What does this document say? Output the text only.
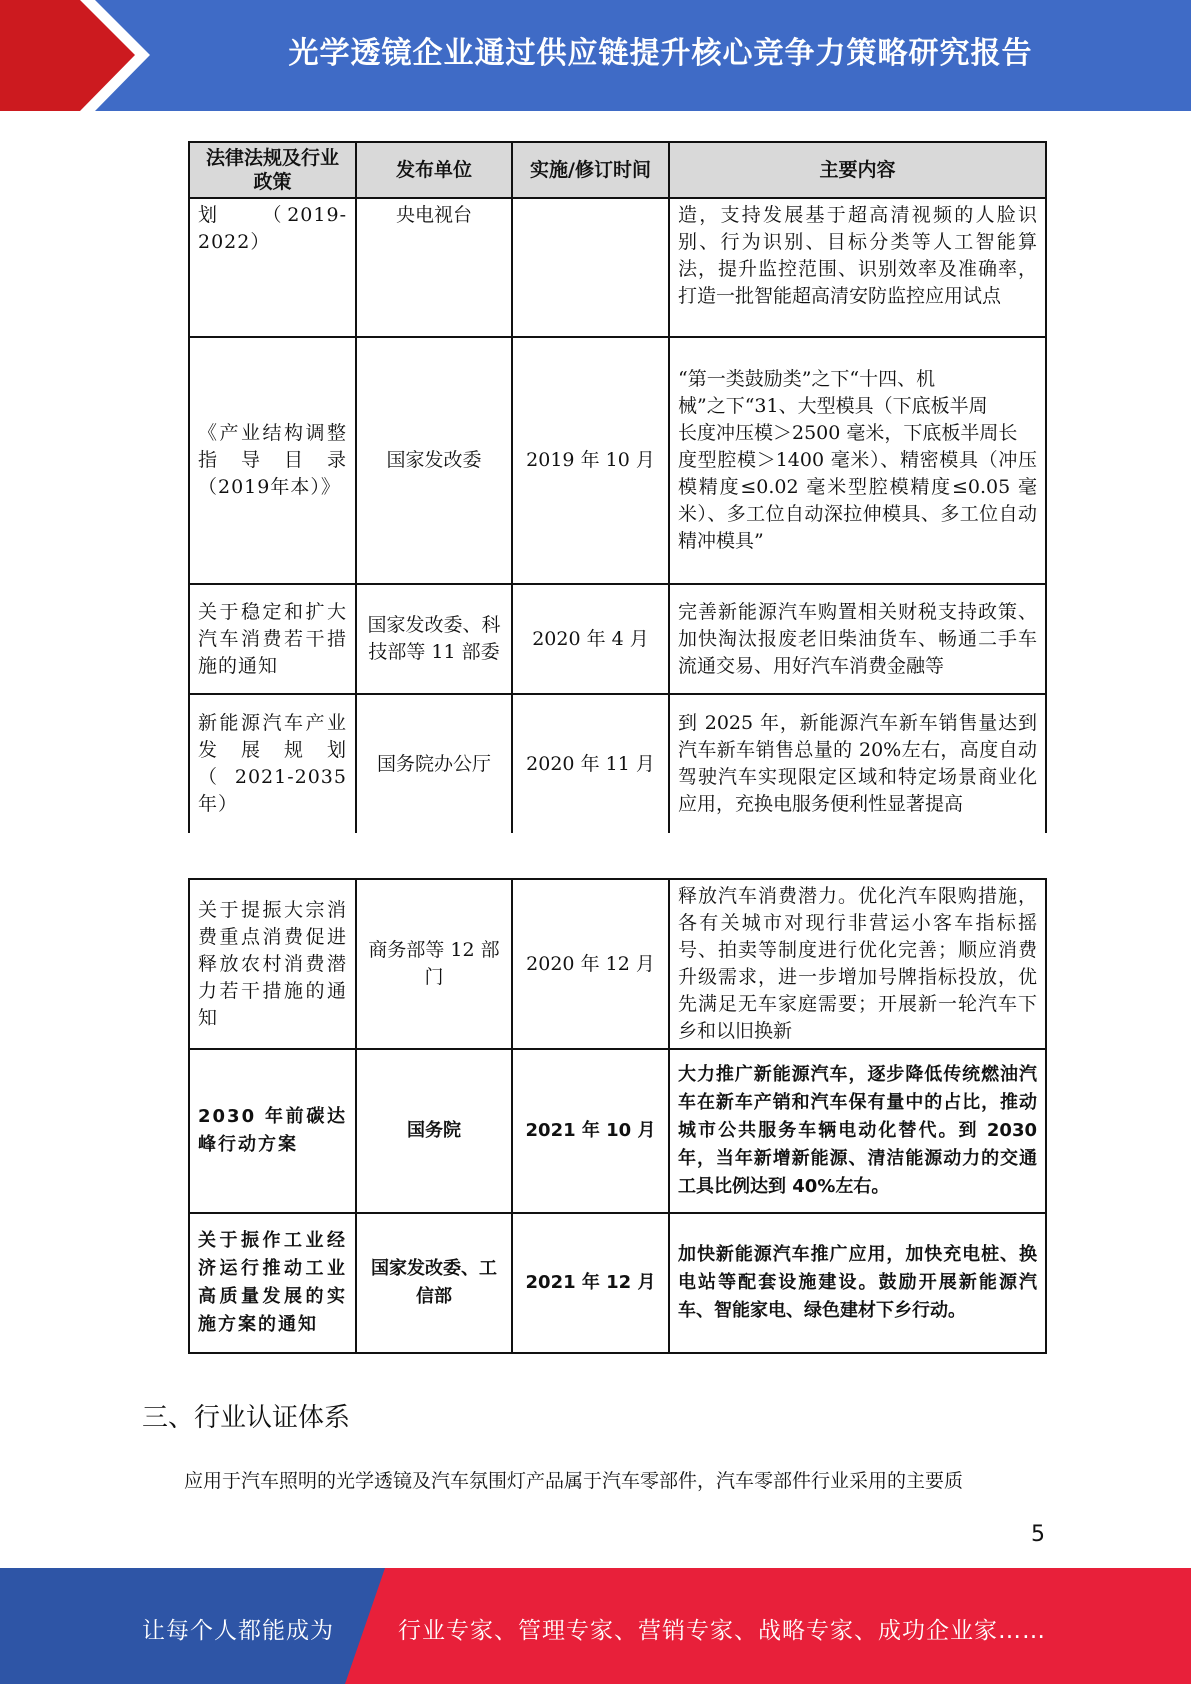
光学透镜企业通过供应链提升核心竞争力策略研究报告
法律法规及行业政策	发布单位	实施/修订时间	主要内容
划　　（2019-2022）	央电视台		造，支持发展基于超高清视频的人脸识别、行为识别、目标分类等人工智能算法，提升监控范围、识别效率及准确率，打造一批智能超高清安防监控应用试点
《产业结构调整指导目录（2019年本）》	国家发改委	2019 年 10 月	“第一类鼓励类”之下“十四、机
械”之下“31、大型模具（下底板半周
长度冲压模＞2500 毫米，下底板半周长
度型腔模＞1400 毫米）、精密模具（冲压模精度≤0.02 毫米型腔模精度≤0.05 毫米）、多工位自动深拉伸模具、多工位自动精冲模具”

关于稳定和扩大汽车消费若干措施的通知	国家发改委、科技部等 11 部委	2020 年 4 月	完善新能源汽车购置相关财税支持政策、加快淘汰报废老旧柴油货车、畅通二手车流通交易、用好汽车消费金融等
新能源汽车产业发展规划（2021-2035年）	国务院办公厅	2020 年 11 月	到 2025 年，新能源汽车新车销售量达到汽车新车销售总量的 20%左右，高度自动驾驶汽车实现限定区域和特定场景商业化应用，充换电服务便利性显著提高
关于提振大宗消费重点消费促进释放农村消费潜力若干措施的通知	商务部等 12 部门	2020 年 12 月	释放汽车消费潜力。优化汽车限购措施，各有关城市对现行非营运小客车指标摇号、拍卖等制度进行优化完善；顺应消费升级需求，进一步增加号牌指标投放，优先满足无车家庭需要；开展新一轮汽车下乡和以旧换新
2030 年前碳达峰行动方案	国务院	2021 年 10 月	大力推广新能源汽车，逐步降低传统燃油汽车在新车产销和汽车保有量中的占比，推动城市公共服务车辆电动化替代。到 2030 年，当年新增新能源、清洁能源动力的交通工具比例达到 40%左右。
关于振作工业经济运行推动工业高质量发展的实施方案的通知	国家发改委、工信部	2021 年 12 月	加快新能源汽车推广应用，加快充电桩、换电站等配套设施建设。鼓励开展新能源汽车、智能家电、绿色建材下乡行动。
三、行业认证体系
应用于汽车照明的光学透镜及汽车氛围灯产品属于汽车零部件，汽车零部件行业采用的主要质
5
让每个人都能成为	行业专家、管理专家、营销专家、战略专家、成功企业家……
